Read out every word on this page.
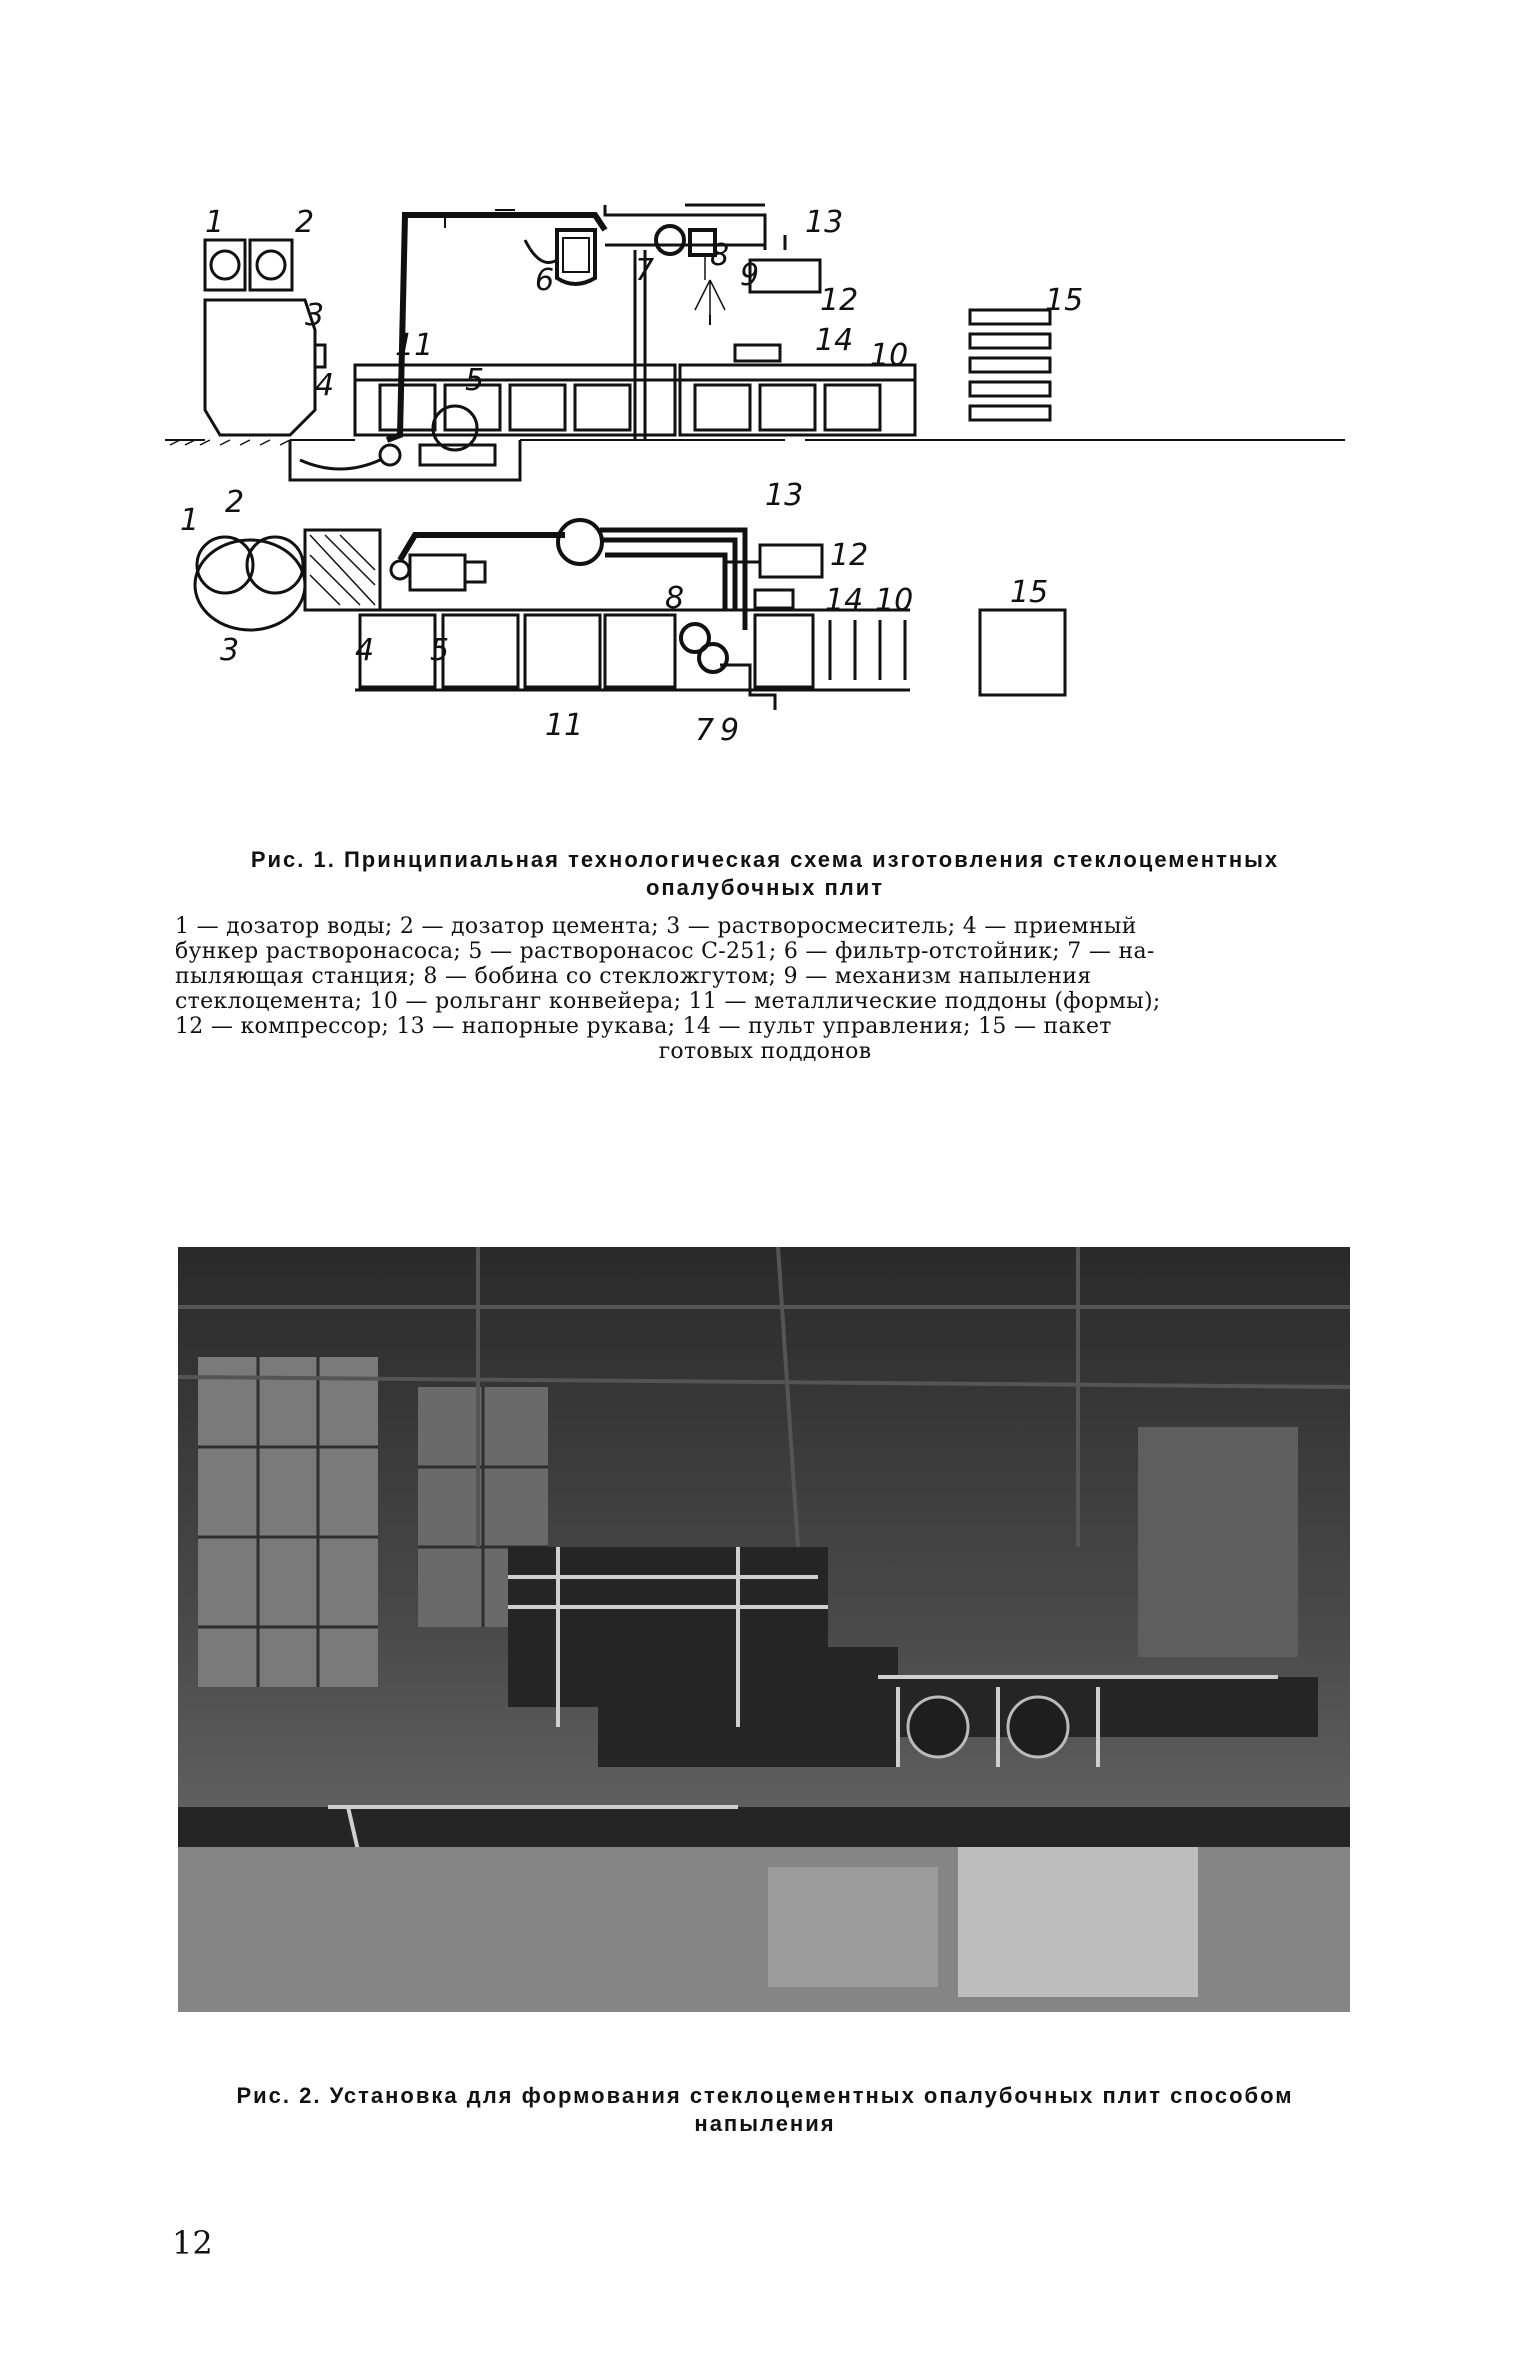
1 2
3
4	5
6	7 8
9
10
11
12
13
14
15
1
2
3	4 5
8	10
13
14
12
15
11	7 9
Рис. 1. Принципиальная технологическая схема изготовления стеклоцементных опалубочных плит
1 — дозатор воды; 2 — дозатор цемента; 3 — растворосмеситель; 4 — приемный
бункер растворонасоса; 5 — растворонасос С-251; 6 — фильтр-отстойник; 7 — на-
пыляющая станция; 8 — бобина со стекложгутом; 9 — механизм напыления
стеклоцемента; 10 — рольганг конвейера; 11 — металлические поддоны (формы);
12 — компрессор; 13 — напорные рукава; 14 — пульт управления; 15 — пакет
готовых поддонов
Рис. 2. Установка для формования стеклоцементных опалубочных плит способом напыления
12
